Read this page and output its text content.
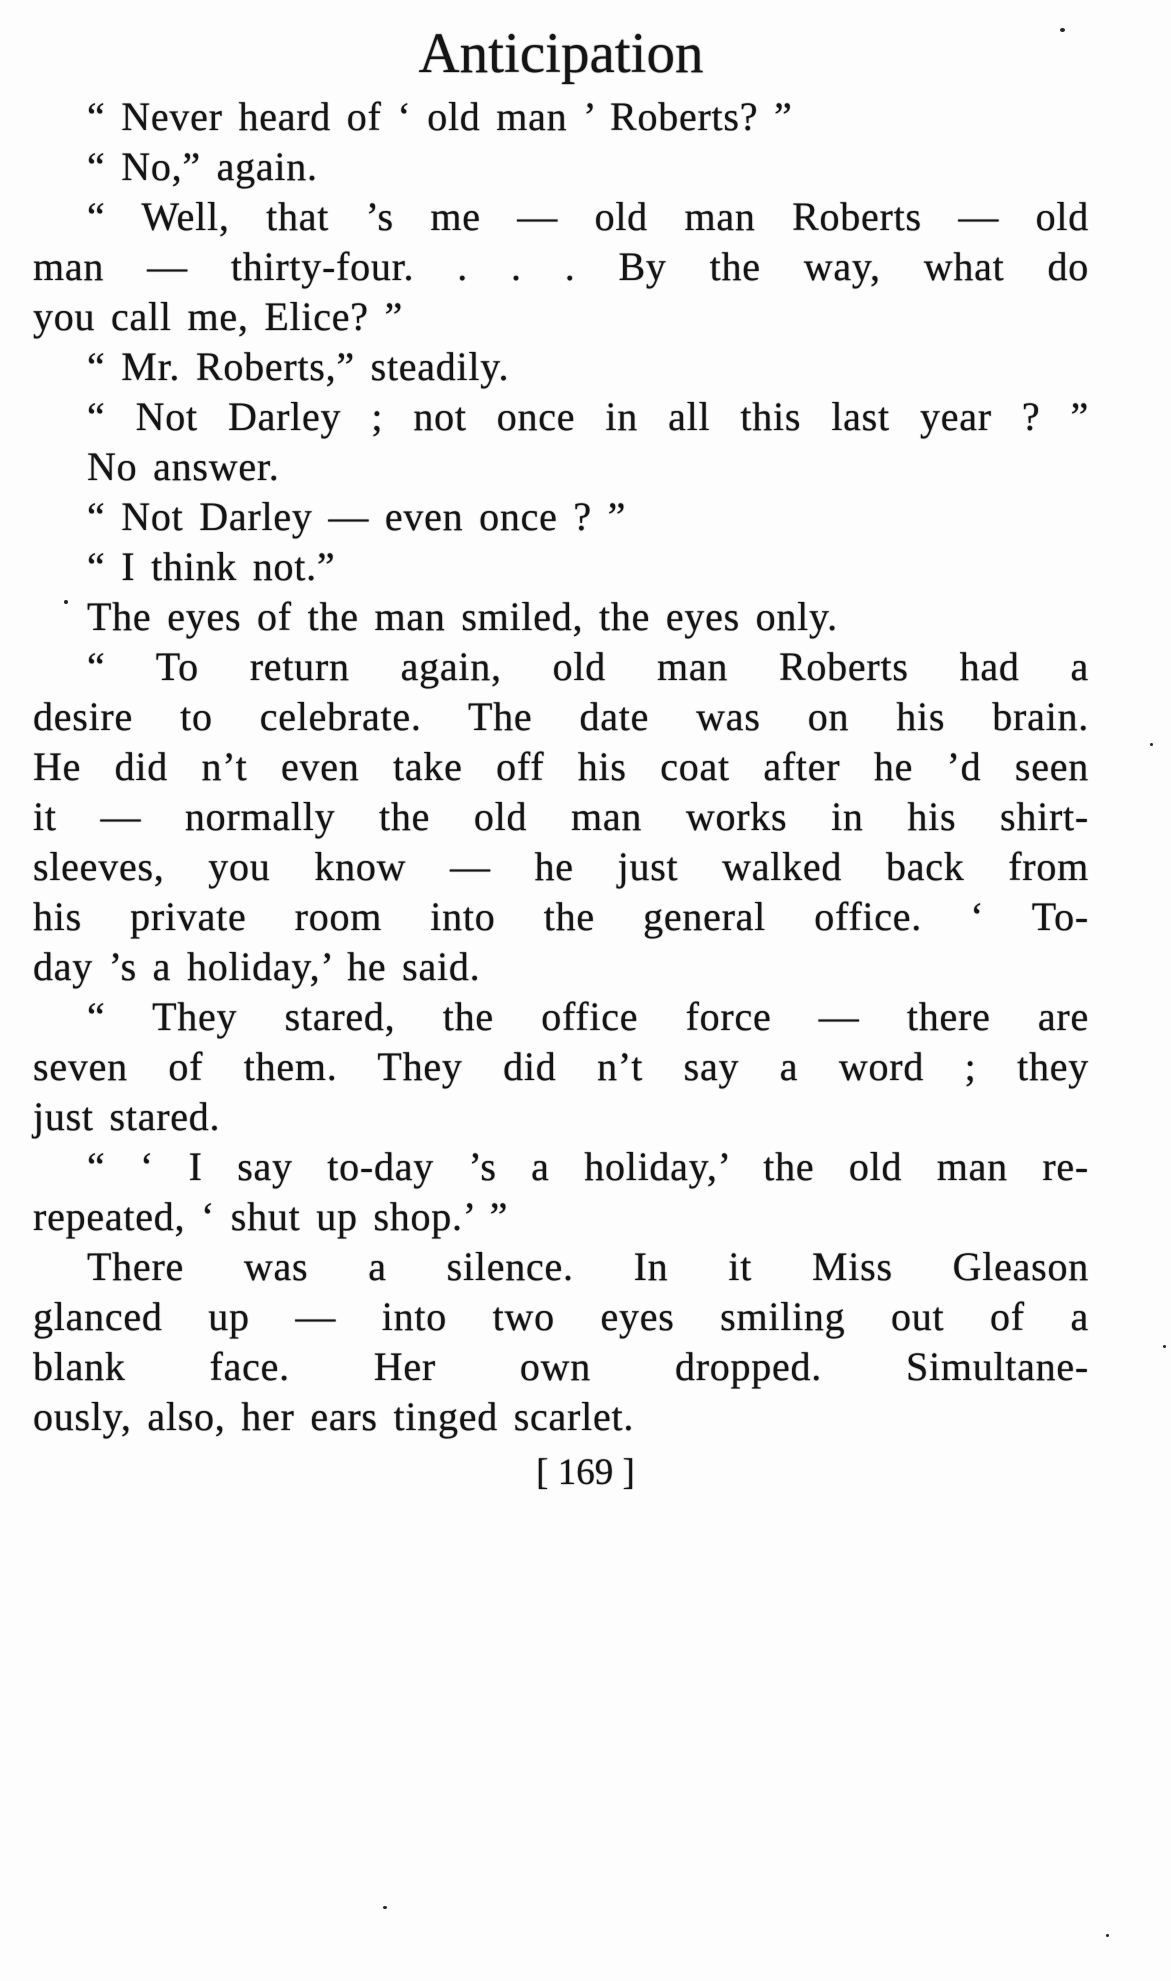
Anticipation
“ Never heard of ‘ old man ’ Roberts? ”
“ No,” again.
“ Well, that ’s me — old man Roberts — old
man — thirty-four. . . . By the way, what do
you call me, Elice? ”
“ Mr. Roberts,” steadily.
“ Not Darley ; not once in all this last year ? ”
No answer.
“ Not Darley — even once ? ”
“ I think not.”
The eyes of the man smiled, the eyes only.
“ To return again, old man Roberts had a
desire to celebrate. The date was on his brain.
He did n’t even take off his coat after he ’d seen
it — normally the old man works in his shirt-
sleeves, you know — he just walked back from
his private room into the general office. ‘ To-
day ’s a holiday,’ he said.
“ They stared, the office force — there are
seven of them. They did n’t say a word ; they
just stared.
“ ‘ I say to-day ’s a holiday,’ the old man re-
repeated, ‘ shut up shop.’ ”
There was a silence. In it Miss Gleason
glanced up — into two eyes smiling out of a
blank face. Her own dropped. Simultane-
ously, also, her ears tinged scarlet.
[ 169 ]
